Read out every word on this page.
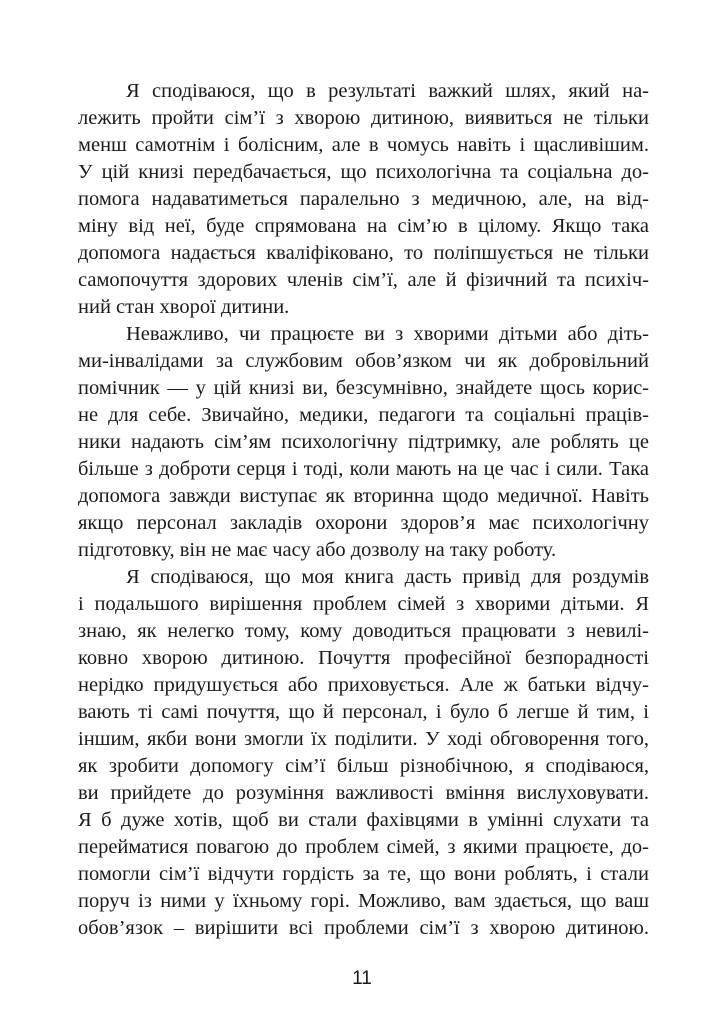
Я сподіваюся, що в результаті важкий шлях, який на-
лежить пройти сім’ї з хворою дитиною, виявиться не тільки
менш самотнім і болісним, але в чомусь навіть і щасливішим.
У цій книзі передбачається, що психологічна та соціальна до-
помога надаватиметься паралельно з медичною, але, на від-
міну від неї, буде спрямована на сім’ю в цілому. Якщо така
допомога надається кваліфіковано, то поліпшується не тільки
самопочуття здорових членів сім’ї, але й фізичний та психіч-
ний стан хворої дитини.
Неважливо, чи працюєте ви з хворими дітьми або діть-
ми-інвалідами за службовим обов’язком чи як добровільний
помічник — у цій книзі ви, безсумнівно, знайдете щось корис-
не для себе. Звичайно, медики, педагоги та соціальні праців-
ники надають сім’ям психологічну підтримку, але роблять це
більше з доброти серця і тоді, коли мають на це час і сили. Така
допомога завжди виступає як вторинна щодо медичної. Навіть
якщо персонал закладів охорони здоров’я має психологічну
підготовку, він не має часу або дозволу на таку роботу.
Я сподіваюся, що моя книга дасть привід для роздумів
і подальшого вирішення проблем сімей з хворими дітьми. Я
знаю, як нелегко тому, кому доводиться працювати з невилі-
ковно хворою дитиною. Почуття професійної безпорадності
нерідко придушується або приховується. Але ж батьки відчу-
вають ті самі почуття, що й персонал, і було б легше й тим, і
іншим, якби вони змогли їх поділити. У ході обговорення того,
як зробити допомогу сім’ї більш різнобічною, я сподіваюся,
ви прийдете до розуміння важливості вміння вислуховувати.
Я б дуже хотів, щоб ви стали фахівцями в умінні слухати та
перейматися повагою до проблем сімей, з якими працюєте, до-
помогли сім’ї відчути гордість за те, що вони роблять, і стали
поруч із ними у їхньому горі. Можливо, вам здається, що ваш
обов’язок – вирішити всі проблеми сім’ї з хворою дитиною.
11
